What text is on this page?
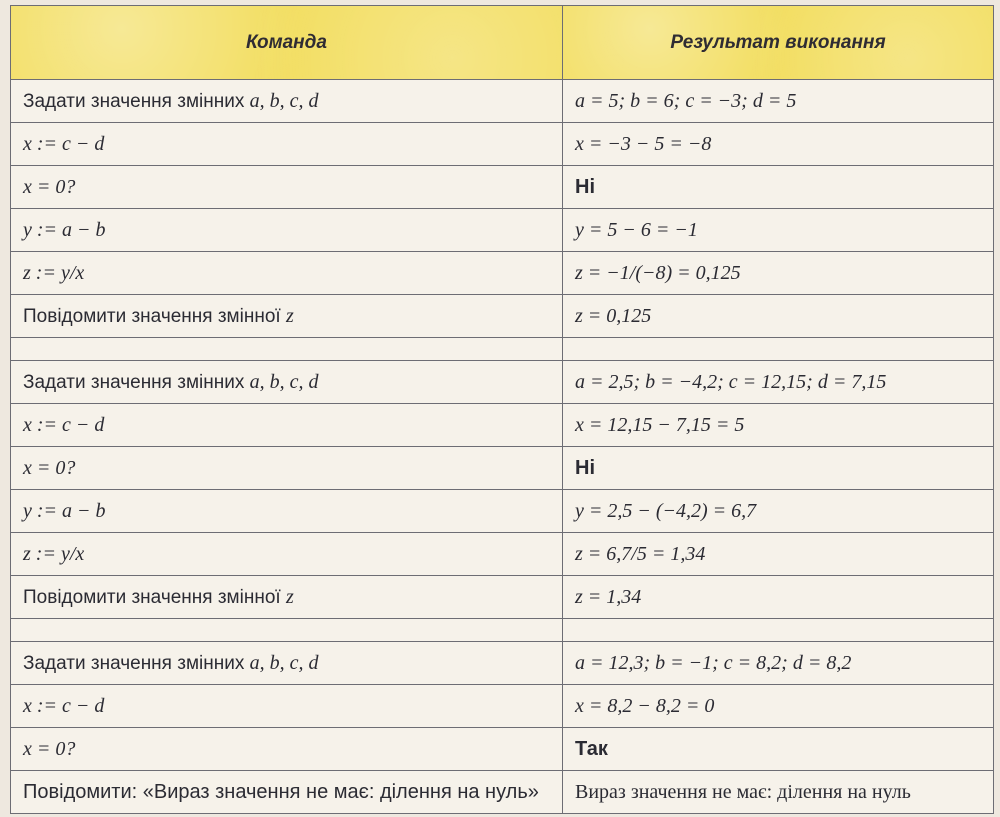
Команда	Результат виконання
Задати значення змінних a, b, c, d	a = 5; b = 6; c = −3; d = 5
x := c − d	x = −3 − 5 = −8
x = 0?	Ні
y := a − b	y = 5 − 6 = −1
z := y/x	z = −1/(−8) = 0,125
Повідомити значення змінної z	z = 0,125

Задати значення змінних a, b, c, d	a = 2,5; b = −4,2; c = 12,15; d = 7,15
x := c − d	x = 12,15 − 7,15 = 5
x = 0?	Ні
y := a − b	y = 2,5 − (−4,2) = 6,7
z := y/x	z = 6,7/5 = 1,34
Повідомити значення змінної z	z = 1,34

Задати значення змінних a, b, c, d	a = 12,3; b = −1; c = 8,2; d = 8,2
x := c − d	x = 8,2 − 8,2 = 0
x = 0?	Так
Повідомити: «Вираз значення не має: ділення на нуль»	Вираз значення не має: ділення на нуль
